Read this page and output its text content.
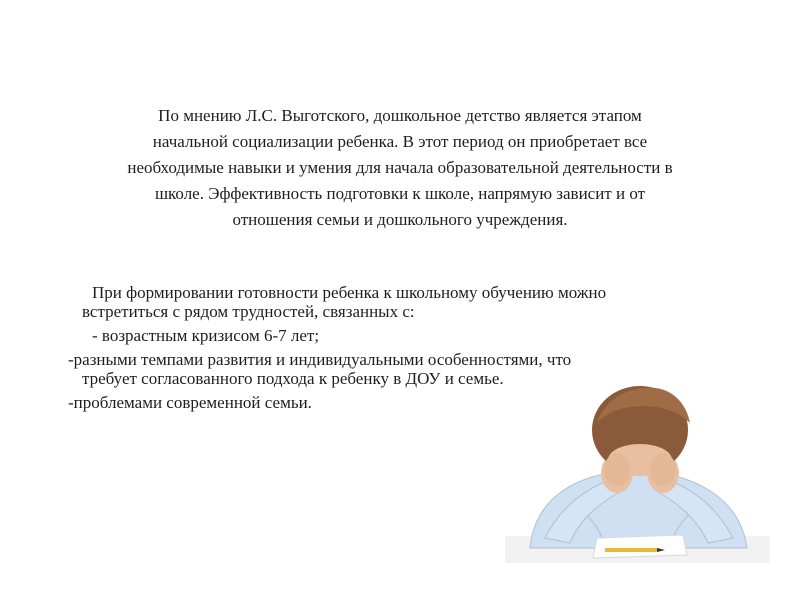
По мнению Л.С. Выготского, дошкольное детство является этапом

начальной социализации ребенка. В этот период он приобретает все

необходимые навыки и умения для начала образовательной деятельности в

школе. Эффективность подготовки к школе, напрямую зависит и от

отношения семьи и дошкольного учреждения.

При формировании готовности ребенка к школьному обучению можно

встретиться с рядом трудностей, связанных с:

- возрастным кризисом 6-7 лет;

-разными темпами развития и индивидуальными особенностями, что

требует согласованного подхода к ребенку в ДОУ и семье.

-проблемами современной семьи.
